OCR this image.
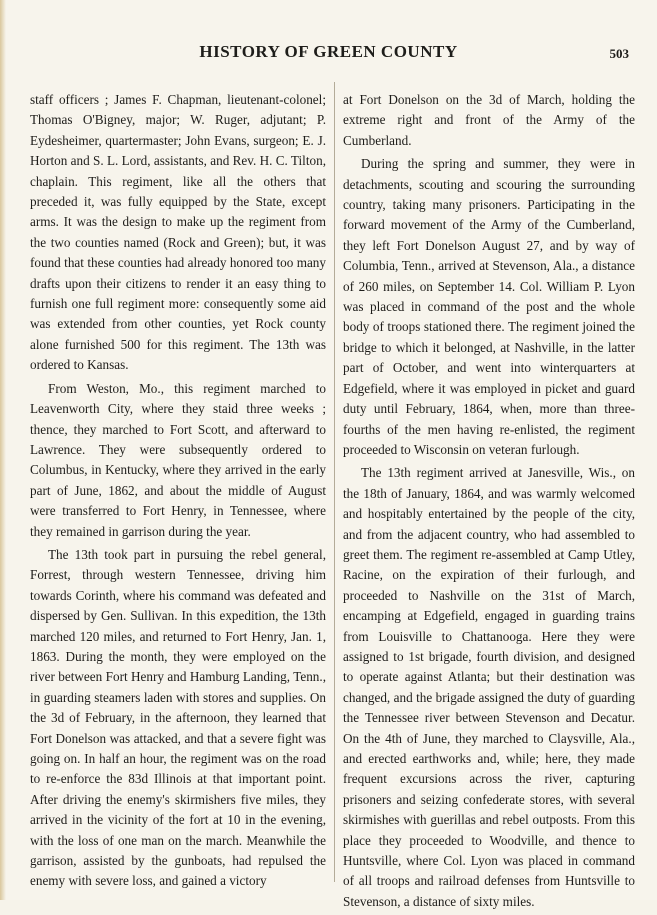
HISTORY OF GREEN COUNTY	503

staff officers ; James F. Chapman, lieutenant-colonel; Thomas O'Bigney, major; W. Ruger, adjutant; P. Eydesheimer, quartermaster; John Evans, surgeon; E. J. Horton and S. L. Lord, assistants, and Rev. H. C. Tilton, chaplain. This regiment, like all the others that preceded it, was fully equipped by the State, except arms. It was the design to make up the regiment from the two counties named (Rock and Green); but, it was found that these counties had already honored too many drafts upon their citizens to render it an easy thing to furnish one full regiment more: consequently some aid was extended from other counties, yet Rock county alone furnished 500 for this regiment. The 13th was ordered to Kansas.

From Weston, Mo., this regiment marched to Leavenworth City, where they staid three weeks ; thence, they marched to Fort Scott, and afterward to Lawrence. They were subsequently ordered to Columbus, in Kentucky, where they arrived in the early part of June, 1862, and about the middle of August were transferred to Fort Henry, in Tennessee, where they remained in garrison during the year.

The 13th took part in pursuing the rebel general, Forrest, through western Tennessee, driving him towards Corinth, where his command was defeated and dispersed by Gen. Sullivan. In this expedition, the 13th marched 120 miles, and returned to Fort Henry, Jan. 1, 1863. During the month, they were employed on the river between Fort Henry and Hamburg Landing, Tenn., in guarding steamers laden with stores and supplies. On the 3d of February, in the afternoon, they learned that Fort Donelson was attacked, and that a severe fight was going on. In half an hour, the regiment was on the road to re-enforce the 83d Illinois at that important point. After driving the enemy's skirmishers five miles, they arrived in the vicinity of the fort at 10 in the evening, with the loss of one man on the march. Meanwhile the garrison, assisted by the gunboats, had repulsed the enemy with severe loss, and gained a victory

at Fort Donelson on the 3d of March, holding the extreme right and front of the Army of the Cumberland.

During the spring and summer, they were in detachments, scouting and scouring the surrounding country, taking many prisoners. Participating in the forward movement of the Army of the Cumberland, they left Fort Donelson August 27, and by way of Columbia, Tenn., arrived at Stevenson, Ala., a distance of 260 miles, on September 14. Col. William P. Lyon was placed in command of the post and the whole body of troops stationed there. The regiment joined the bridge to which it belonged, at Nashville, in the latter part of October, and went into winterquarters at Edgefield, where it was employed in picket and guard duty until February, 1864, when, more than three-fourths of the men having re-enlisted, the regiment proceeded to Wisconsin on veteran furlough.

The 13th regiment arrived at Janesville, Wis., on the 18th of January, 1864, and was warmly welcomed and hospitably entertained by the people of the city, and from the adjacent country, who had assembled to greet them. The regiment re-assembled at Camp Utley, Racine, on the expiration of their furlough, and proceeded to Nashville on the 31st of March, encamping at Edgefield, engaged in guarding trains from Louisville to Chattanooga. Here they were assigned to 1st brigade, fourth division, and designed to operate against Atlanta; but their destination was changed, and the brigade assigned the duty of guarding the Tennessee river between Stevenson and Decatur. On the 4th of June, they marched to Claysville, Ala., and erected earthworks and, while; here, they made frequent excursions across the river, capturing prisoners and seizing confederate stores, with several skirmishes with guerillas and rebel outposts. From this place they proceeded to Woodville, and thence to Huntsville, where Col. Lyon was placed in command of all troops and railroad defenses from Huntsville to Stevenson, a distance of sixty miles.
